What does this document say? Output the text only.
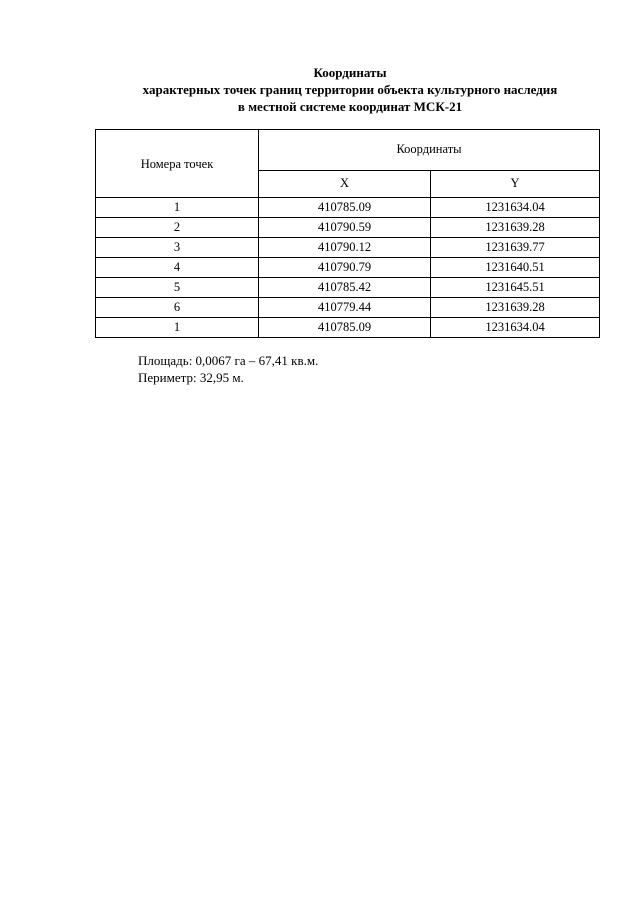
Координаты
характерных точек границ территории объекта культурного наследия
в местной системе координат МСК-21
Номера точек	Координаты	
	X	Y
1	410785.09	1231634.04
2	410790.59	1231639.28
3	410790.12	1231639.77
4	410790.79	1231640.51
5	410785.42	1231645.51
6	410779.44	1231639.28
1	410785.09	1231634.04
Площадь: 0,0067 га – 67,41 кв.м.
Периметр: 32,95 м.
